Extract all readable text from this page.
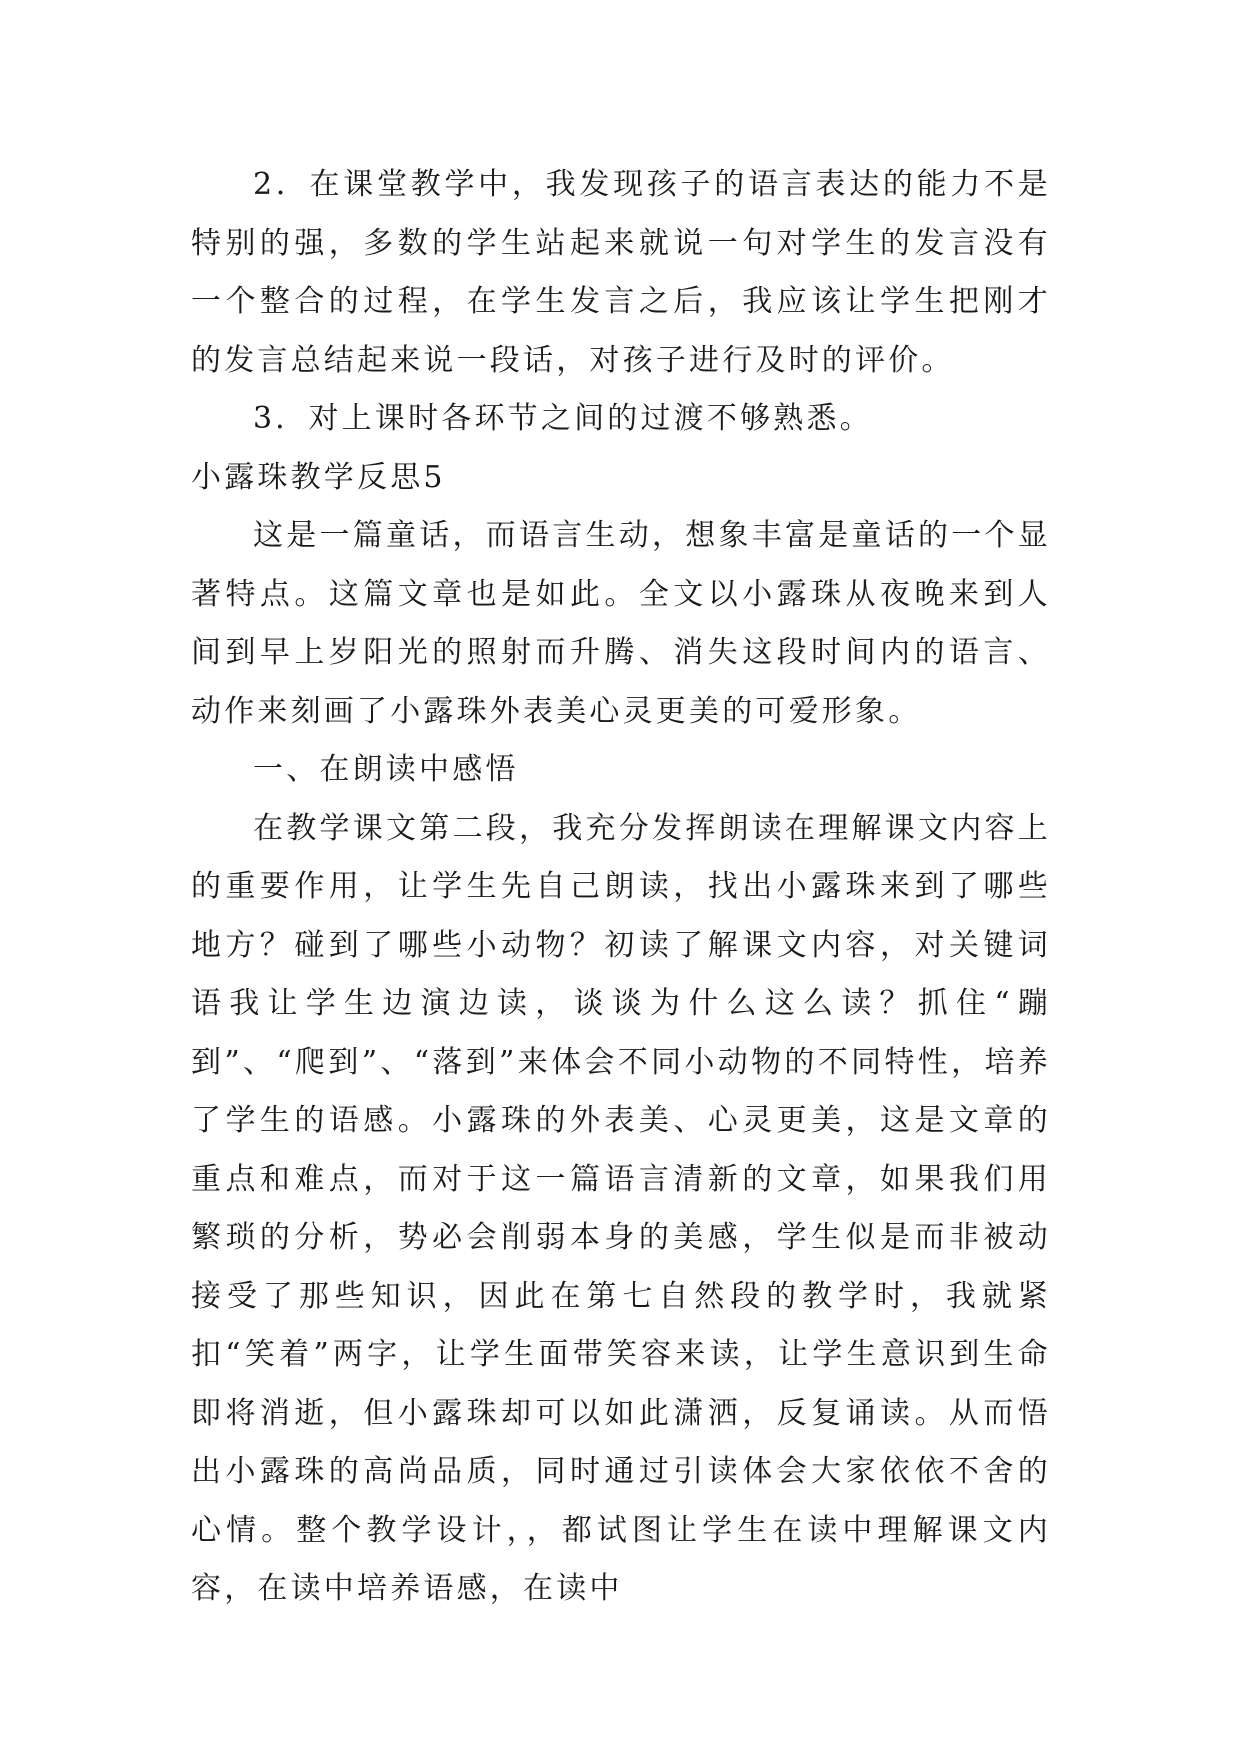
2．在课堂教学中，我发现孩子的语言表达的能力不是特别的强，多数的学生站起来就说一句对学生的发言没有一个整合的过程，在学生发言之后，我应该让学生把刚才的发言总结起来说一段话，对孩子进行及时的评价。

3．对上课时各环节之间的过渡不够熟悉。

小露珠教学反思5

这是一篇童话，而语言生动，想象丰富是童话的一个显著特点。这篇文章也是如此。全文以小露珠从夜晚来到人间到早上岁阳光的照射而升腾、消失这段时间内的语言、动作来刻画了小露珠外表美心灵更美的可爱形象。

一、在朗读中感悟

在教学课文第二段，我充分发挥朗读在理解课文内容上的重要作用，让学生先自己朗读，找出小露珠来到了哪些地方？碰到了哪些小动物？初读了解课文内容，对关键词语我让学生边演边读，谈谈为什么这么读？抓住“蹦到”、“爬到”、“落到”来体会不同小动物的不同特性，培养了学生的语感。小露珠的外表美、心灵更美，这是文章的重点和难点，而对于这一篇语言清新的文章，如果我们用繁琐的分析，势必会削弱本身的美感，学生似是而非被动接受了那些知识，因此在第七自然段的教学时，我就紧扣“笑着”两字，让学生面带笑容来读，让学生意识到生命即将消逝，但小露珠却可以如此潇洒，反复诵读。从而悟出小露珠的高尚品质，同时通过引读体会大家依依不舍的心情。整个教学设计，，都试图让学生在读中理解课文内容，在读中培养语感，在读中
